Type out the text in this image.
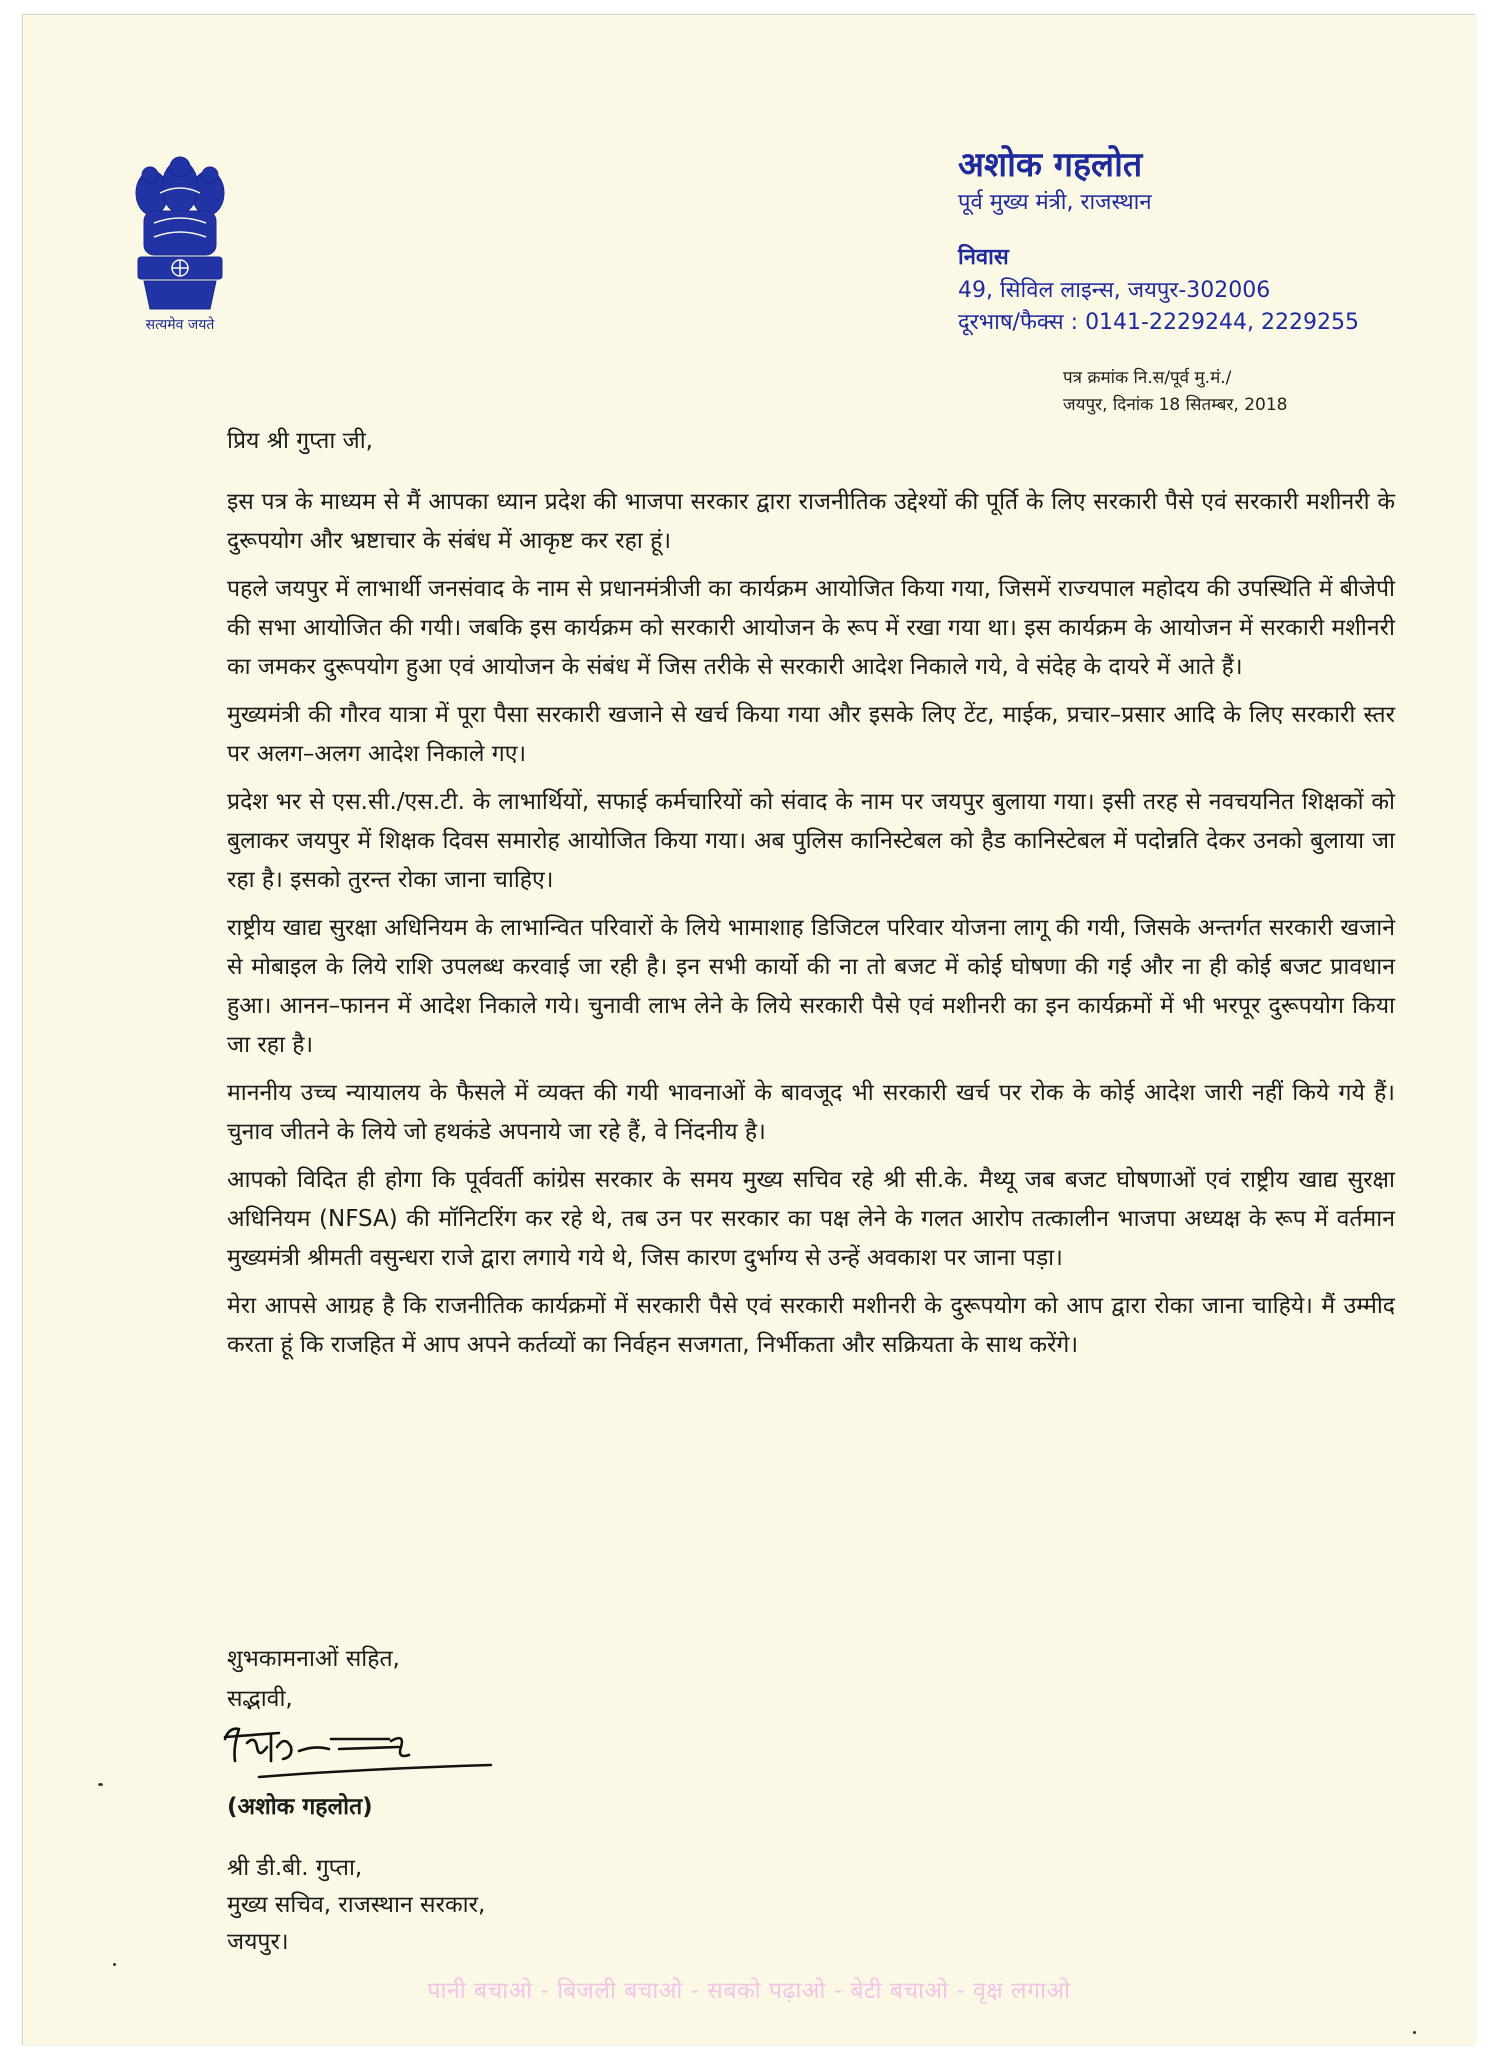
सत्यमेव जयते
अशोक गहलोत
पूर्व मुख्य मंत्री, राजस्थान
निवास
49, सिविल लाइन्स, जयपुर-302006
दूरभाष/फैक्स : 0141-2229244, 2229255
पत्र क्रमांक नि.स/पूर्व मु.मं./
जयपुर, दिनांक 18 सितम्बर, 2018
प्रिय श्री गुप्ता जी,

इस पत्र के माध्यम से मैं आपका ध्यान प्रदेश की भाजपा सरकार द्वारा राजनीतिक उद्देश्यों की पूर्ति के लिए सरकारी पैसे एवं सरकारी मशीनरी के दुरूपयोग और भ्रष्टाचार के संबंध में आकृष्ट कर रहा हूं।

पहले जयपुर में लाभार्थी जनसंवाद के नाम से प्रधानमंत्रीजी का कार्यक्रम आयोजित किया गया, जिसमें राज्यपाल महोदय की उपस्थिति में बीजेपी की सभा आयोजित की गयी। जबकि इस कार्यक्रम को सरकारी आयोजन के रूप में रखा गया था। इस कार्यक्रम के आयोजन में सरकारी मशीनरी का जमकर दुरूपयोग हुआ एवं आयोजन के संबंध में जिस तरीके से सरकारी आदेश निकाले गये, वे संदेह के दायरे में आते हैं।

मुख्यमंत्री की गौरव यात्रा में पूरा पैसा सरकारी खजाने से खर्च किया गया और इसके लिए टेंट, माईक, प्रचार–प्रसार आदि के लिए सरकारी स्तर पर अलग–अलग आदेश निकाले गए।

प्रदेश भर से एस.सी./एस.टी. के लाभार्थियों, सफाई कर्मचारियों को संवाद के नाम पर जयपुर बुलाया गया। इसी तरह से नवचयनित शिक्षकों को बुलाकर जयपुर में शिक्षक दिवस समारोह आयोजित किया गया। अब पुलिस कानिस्टेबल को हैड कानिस्टेबल में पदोन्नति देकर उनको बुलाया जा रहा है। इसको तुरन्त रोका जाना चाहिए।

राष्ट्रीय खाद्य सुरक्षा अधिनियम के लाभान्वित परिवारों के लिये भामाशाह डिजिटल परिवार योजना लागू की गयी, जिसके अन्तर्गत सरकारी खजाने से मोबाइल के लिये राशि उपलब्ध करवाई जा रही है। इन सभी कार्यो की ना तो बजट में कोई घोषणा की गई और ना ही कोई बजट प्रावधान हुआ। आनन–फानन में आदेश निकाले गये। चुनावी लाभ लेने के लिये सरकारी पैसे एवं मशीनरी का इन कार्यक्रमों में भी भरपूर दुरूपयोग किया जा रहा है।

माननीय उच्च न्यायालय के फैसले में व्यक्त की गयी भावनाओं के बावजूद भी सरकारी खर्च पर रोक के कोई आदेश जारी नहीं किये गये हैं। चुनाव जीतने के लिये जो हथकंडे अपनाये जा रहे हैं, वे निंदनीय है।

आपको विदित ही होगा कि पूर्ववर्ती कांग्रेस सरकार के समय मुख्य सचिव रहे श्री सी.के. मैथ्यू जब बजट घोषणाओं एवं राष्ट्रीय खाद्य सुरक्षा अधिनियम (NFSA) की मॉनिटरिंग कर रहे थे, तब उन पर सरकार का पक्ष लेने के गलत आरोप तत्कालीन भाजपा अध्यक्ष के रूप में वर्तमान मुख्यमंत्री श्रीमती वसुन्धरा राजे द्वारा लगाये गये थे, जिस कारण दुर्भाग्य से उन्हें अवकाश पर जाना पड़ा।

मेरा आपसे आग्रह है कि राजनीतिक कार्यक्रमों में सरकारी पैसे एवं सरकारी मशीनरी के दुरूपयोग को आप द्वारा रोका जाना चाहिये। मैं उम्मीद करता हूं कि राजहित में आप अपने कर्तव्यों का निर्वहन सजगता, निर्भीकता और सक्रियता के साथ करेंगे।

शुभकामनाओं सहित,
सद्भावी,
(अशोक गहलोत)
श्री डी.बी. गुप्ता,
मुख्य सचिव, राजस्थान सरकार,
जयपुर।
पानी बचाओ - बिजली बचाओ - सबको पढ़ाओ - बेटी बचाओ - वृक्ष लगाओ
